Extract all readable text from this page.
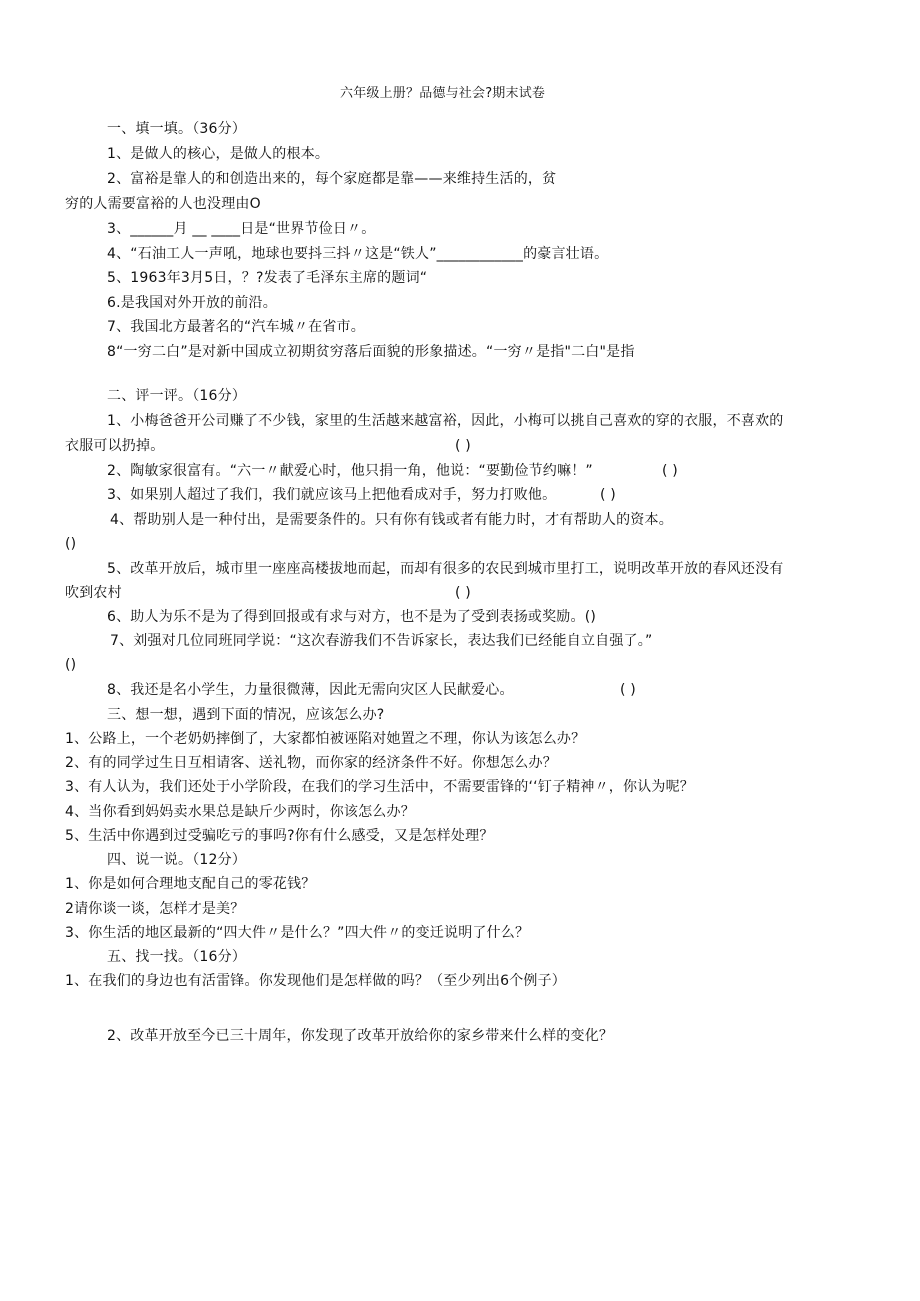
六年级上册？品德与社会?期末试卷
一、填一填。（36分）
1、是做人的核心，是做人的根本。
2、富裕是靠人的和创造出来的，每个家庭都是靠——来维持生活的，贫
穷的人需要富裕的人也没理由O
3、______月 __ ____日是“世界节俭日〃。
4、“石油工人一声吼，地球也要抖三抖〃这是“铁人”____________的豪言壮语。
5、1963年3月5日，？?发表了毛泽东主席的题词“
6.是我国对外开放的前沿。
7、我国北方最著名的“汽车城〃在省市。
8“一穷二白”是对新中国成立初期贫穷落后面貌的形象描述。“一穷〃是指"二白"是指
二、评一评。（16分）
1、小梅爸爸开公司赚了不少钱，家里的生活越来越富裕，因此，小梅可以挑自己喜欢的穿的衣服，不喜欢的
衣服可以扔掉。	( )
2、陶敏家很富有。“六一〃献爱心时，他只捐一角，他说：“要勤俭节约嘛！”	( )
3、如果别人超过了我们，我们就应该马上把他看成对手，努力打败他。	( )
4、帮助别人是一种付出，是需要条件的。只有你有钱或者有能力时，才有帮助人的资本。
()
5、改革开放后，城市里一座座高楼拔地而起，而却有很多的农民到城市里打工，说明改革开放的春风还没有
吹到农村	( )
6、助人为乐不是为了得到回报或有求与对方，也不是为了受到表扬或奖励。()
7、刘强对几位同班同学说：“这次春游我们不告诉家长，表达我们已经能自立自强了。”
()
8、我还是名小学生，力量很微薄，因此无需向灾区人民献爱心。	( )
三、想一想，遇到下面的情况，应该怎么办?
1、公路上，一个老奶奶摔倒了，大家都怕被诬陷对她置之不理，你认为该怎么办？
2、有的同学过生日互相请客、送礼物，而你家的经济条件不好。你想怎么办？
3、有人认为，我们还处于小学阶段，在我们的学习生活中，不需要雷锋的‘‘钉子精神〃，你认为呢？
4、当你看到妈妈卖水果总是缺斤少两时，你该怎么办？
5、生活中你遇到过受骗吃亏的事吗?你有什么感受，又是怎样处理？
四、说一说。（12分）
1、你是如何合理地支配自己的零花钱？
2请你谈一谈，怎样才是美？
3、你生活的地区最新的“四大件〃是什么？”四大件〃的变迁说明了什么？
五、找一找。（16分）
1、在我们的身边也有活雷锋。你发现他们是怎样做的吗？（至少列出6个例子）
2、改革开放至今已三十周年，你发现了改革开放给你的家乡带来什么样的变化？
